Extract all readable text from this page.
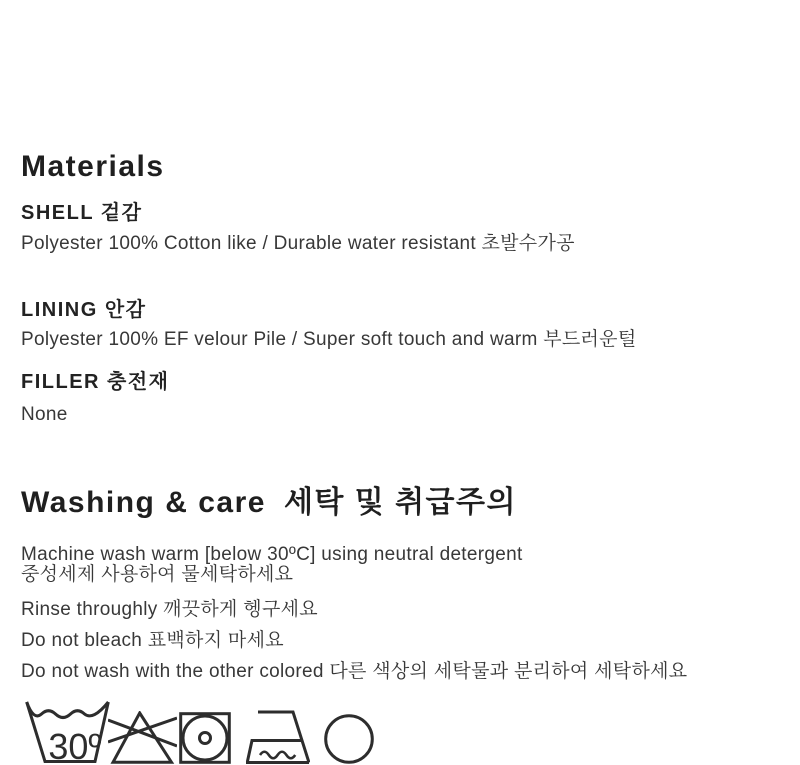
Materials
SHELL 겉감

Polyester 100% Cotton like / Durable water resistant 초발수가공

LINING 안감

Polyester 100% EF velour Pile / Super soft touch and warm 부드러운털

FILLER 충전재

None

Washing & care 세탁 및 취급주의

Machine wash warm [below 30ºC] using neutral detergent
중성세제 사용하여 물세탁하세요

Rinse throughly 깨끗하게 헹구세요

Do not bleach 표백하지 마세요

Do not wash with the other colored 다른 색상의 세탁물과 분리하여 세탁하세요

30º
